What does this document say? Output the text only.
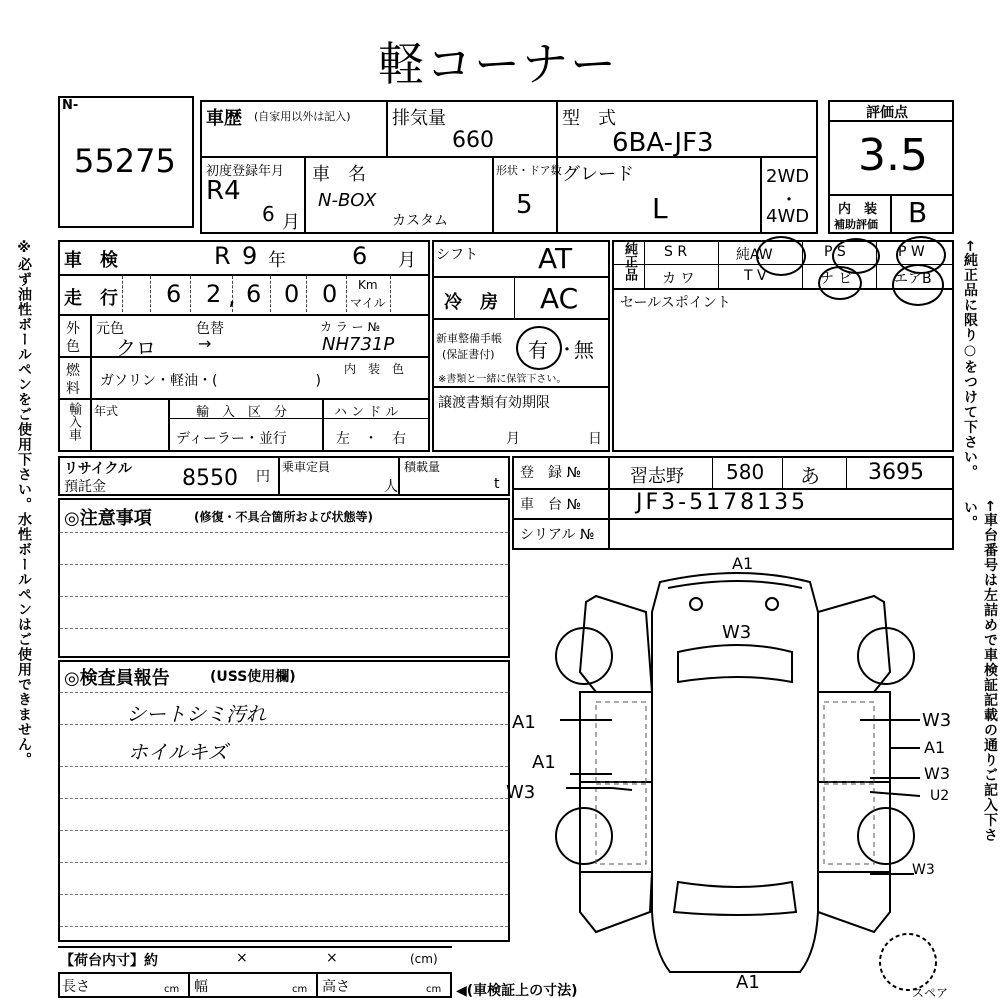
軽コーナー
※必ず油性ボールペンをご使用下さい。水性ボールペンはご使用できません。	←純正品に限り○をつけて下さい。
←車台番号は左詰めで車検証記載の通りご記入下さい。
N-
55275
車歴 (自家用以外は記入) 排気量
660
型　式
6BA-JF3
初度登録年月
R4
6 月
車　名
N-BOX
カスタム
形状・ドア数
5
グレード
L
2WD
・
4WD
評価点
3.5
内　装
補助評価 B
車　検	R 9 年	6 月
走　行 6 2 , 6 0 0 Km
マイル
外
色
元色	色替
クロ	→
カ ラ ー №
NH731P
燃
料 ガソリン・軽油・(　　　　　　　)
内　装　色
輸入車 年式	輸　入　区　分
ディーラー・並行
ハ ン ド ル
左　・　右
シフト AT
冷　房 AC
新車整備手帳
(保証書付) 有 ・
無
※書類と一緒に保管下さい。
譲渡書類有効期限
月	日
純正品 S R	純AW	P S	P W
カ ワ	T V	ナ ビ	エアB
セールスポイント
リサイクル
預託金	8550 円
乗車定員
人
積載量
t
登　録 №	習志野 580 あ 3695
車　台 № JF3-5178135
シリアル №
◎注意事項	(修復・不具合箇所および状態等)
◎検査員報告	(USS使用欄)
シートシミ汚れ
ホイルキズ
【荷台内寸】約	×	×	(cm)
長さ	cm 幅	cm 高さ	cm ◀(車検証上の寸法)
A1
W3
A1	スペア
A1
A1
W3
W3
A1
W3
U2
W3
